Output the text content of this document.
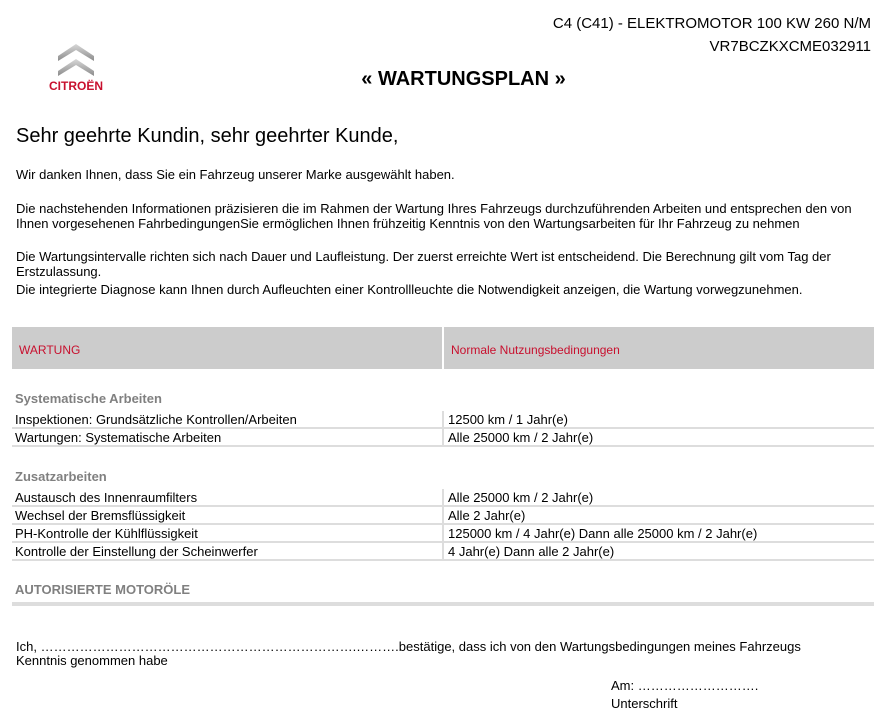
C4 (C41) - ELEKTROMOTOR 100 KW 260 N/M
VR7BCZKXCME032911
CITROËN	« WARTUNGSPLAN »
Sehr geehrte Kundin, sehr geehrter Kunde,
Wir danken Ihnen, dass Sie ein Fahrzeug unserer Marke ausgewählt haben.
Die nachstehenden Informationen präzisieren die im Rahmen der Wartung Ihres Fahrzeugs durchzuführenden Arbeiten und entsprechen den von Ihnen vorgesehenen FahrbedingungenSie ermöglichen Ihnen frühzeitig Kenntnis von den Wartungsarbeiten für Ihr Fahrzeug zu nehmen
Die Wartungsintervalle richten sich nach Dauer und Laufleistung. Der zuerst erreichte Wert ist entscheidend. Die Berechnung gilt vom Tag der Erstzulassung.
Die integrierte Diagnose kann Ihnen durch Aufleuchten einer Kontrollleuchte die Notwendigkeit anzeigen, die Wartung vorwegzunehmen.
WARTUNG	Normale Nutzungsbedingungen
Systematische Arbeiten
Inspektionen: Grundsätzliche Kontrollen/Arbeiten	12500 km / 1 Jahr(e)
Wartungen: Systematische Arbeiten	Alle 25000 km / 2 Jahr(e)
Zusatzarbeiten
Austausch des Innenraumfilters	Alle 25000 km / 2 Jahr(e)
Wechsel der Bremsflüssigkeit	Alle 2 Jahr(e)
PH-Kontrolle der Kühlflüssigkeit	125000 km / 4 Jahr(e) Dann alle 25000 km / 2 Jahr(e)
Kontrolle der Einstellung der Scheinwerfer	4 Jahr(e) Dann alle 2 Jahr(e)
AUTORISIERTE MOTORÖLE
Ich, ……………………………………………………………….……….bestätige, dass ich von den Wartungsbedingungen meines Fahrzeugs Kenntnis genommen habe
Am: ……………………….
Unterschrift
